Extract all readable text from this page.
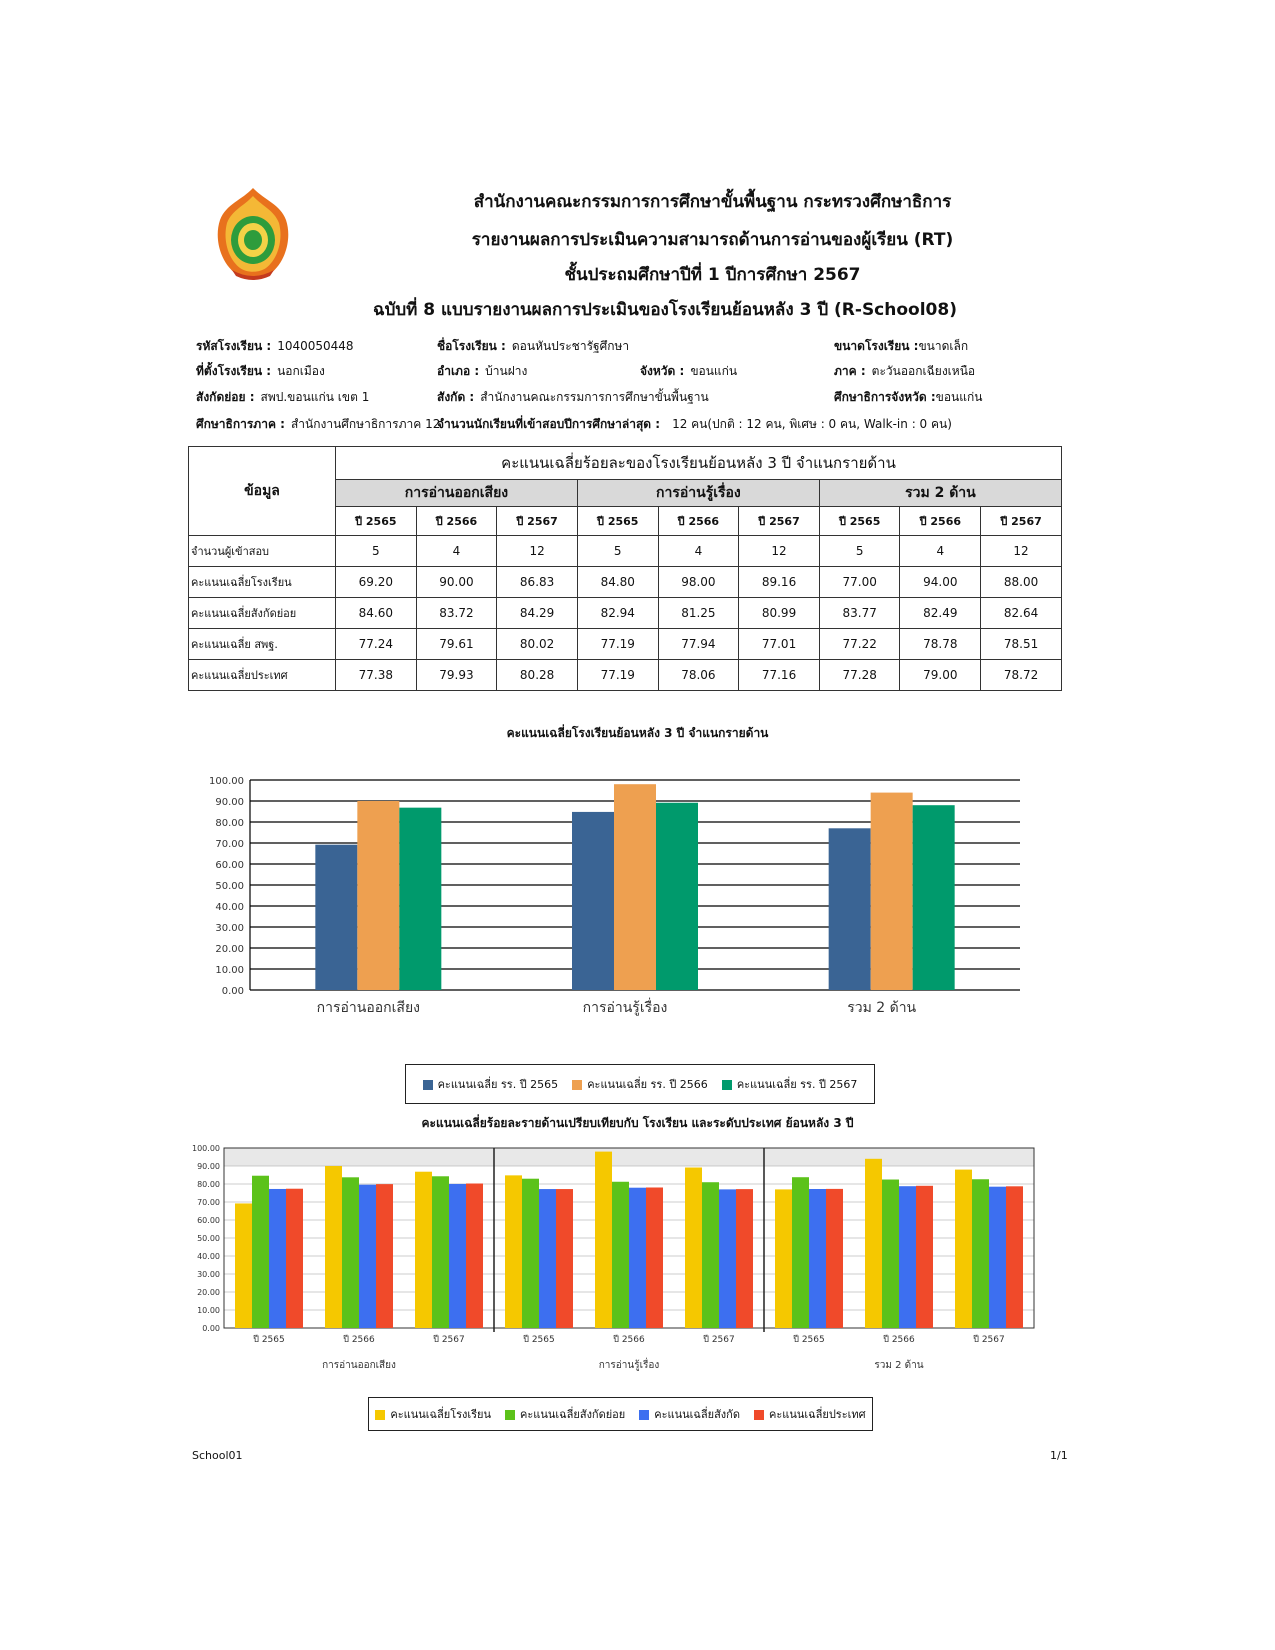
สำนักงานคณะกรรมการการศึกษาขั้นพื้นฐาน กระทรวงศึกษาธิการ
รายงานผลการประเมินความสามารถด้านการอ่านของผู้เรียน (RT)
ชั้นประถมศึกษาปีที่ 1 ปีการศึกษา 2567
ฉบับที่ 8 แบบรายงานผลการประเมินของโรงเรียนย้อนหลัง 3 ปี (R-School08)
รหัสโรงเรียน : 1040050448	ชื่อโรงเรียน : ดอนหันประชารัฐศึกษา	ขนาดโรงเรียน :ขนาดเล็ก
ที่ตั้งโรงเรียน : นอกเมือง	อำเภอ : บ้านฝาง	จังหวัด : ขอนแก่น	ภาค : ตะวันออกเฉียงเหนือ
สังกัดย่อย : สพป.ขอนแก่น เขต 1	สังกัด : สำนักงานคณะกรรมการการศึกษาขั้นพื้นฐาน	ศึกษาธิการจังหวัด :ขอนแก่น
ศึกษาธิการภาค : สำนักงานศึกษาธิการภาค 12
จำนวนนักเรียนที่เข้าสอบปีการศึกษาล่าสุด : 12 คน(ปกติ : 12 คน, พิเศษ : 0 คน, Walk-in : 0 คน)
ข้อมูล	คะแนนเฉลี่ยร้อยละของโรงเรียนย้อนหลัง 3 ปี จำแนกรายด้าน								
	การอ่านออกเสียง			การอ่านรู้เรื่อง			รวม 2 ด้าน		
	ปี 2565	ปี 2566	ปี 2567	ปี 2565	ปี 2566	ปี 2567	ปี 2565	ปี 2566	ปี 2567
จำนวนผู้เข้าสอบ	5	4	12	5	4	12	5	4	12
คะแนนเฉลี่ยโรงเรียน	69.20	90.00	86.83	84.80	98.00	89.16	77.00	94.00	88.00
คะแนนเฉลี่ยสังกัดย่อย	84.60	83.72	84.29	82.94	81.25	80.99	83.77	82.49	82.64
คะแนนเฉลี่ย สพฐ.	77.24	79.61	80.02	77.19	77.94	77.01	77.22	78.78	78.51
คะแนนเฉลี่ยประเทศ	77.38	79.93	80.28	77.19	78.06	77.16	77.28	79.00	78.72
คะแนนเฉลี่ยโรงเรียนย้อนหลัง 3 ปี จำแนกรายด้าน
0.00
10.00
20.00
30.00
40.00
50.00
60.00
70.00
80.00
90.00
100.00
การอ่านออกเสียง	การอ่านรู้เรื่อง	รวม 2 ด้าน
คะแนนเฉลี่ย รร. ปี 2565	คะแนนเฉลี่ย รร. ปี 2566	คะแนนเฉลี่ย รร. ปี 2567
คะแนนเฉลี่ยร้อยละรายด้านเปรียบเทียบกับ โรงเรียน และระดับประเทศ ย้อนหลัง 3 ปี
0.00
10.00
20.00
30.00
40.00
50.00
60.00
70.00
80.00
90.00
100.00
ปี 2565	ปี 2566	ปี 2567
การอ่านออกเสียง
ปี 2565	ปี 2566	ปี 2567
การอ่านรู้เรื่อง
ปี 2565	ปี 2566	ปี 2567
รวม 2 ด้าน
คะแนนเฉลี่ยโรงเรียน	คะแนนเฉลี่ยสังกัดย่อย	คะแนนเฉลี่ยสังกัด	คะแนนเฉลี่ยประเทศ
School01	1/1
